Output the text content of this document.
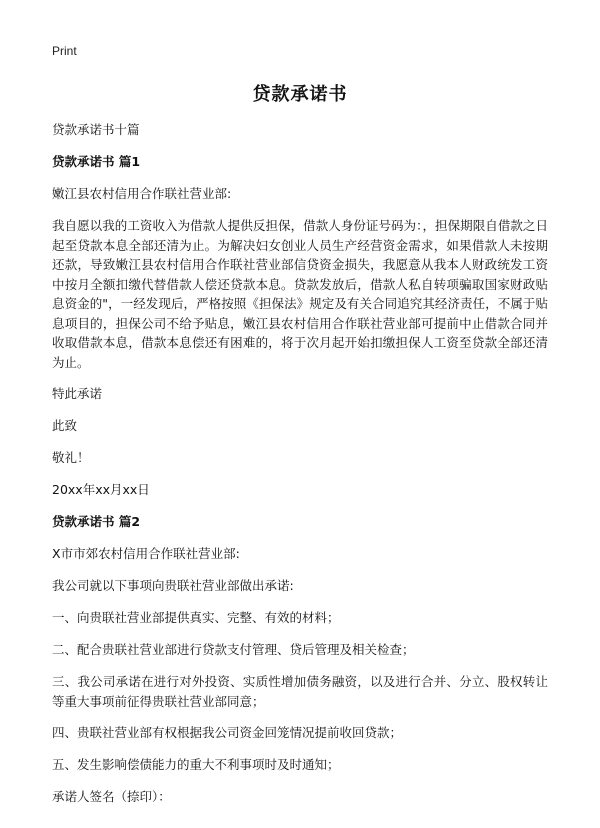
Print
贷款承诺书

贷款承诺书十篇

贷款承诺书 篇1

嫩江县农村信用合作联社营业部:

我自愿以我的工资收入为借款人提供反担保，借款人身份证号码为：，担保期限自借款之日起至贷款本息全部还清为止。为解决妇女创业人员生产经营资金需求，如果借款人未按期还款，导致嫩江县农村信用合作联社营业部信贷资金损失，我愿意从我本人财政统发工资中按月全额扣缴代替借款人偿还贷款本息。贷款发放后，借款人私自转项骗取国家财政贴息资金的"，一经发现后，严格按照《担保法》规定及有关合同追究其经济责任，不属于贴息项目的，担保公司不给予贴息，嫩江县农村信用合作联社营业部可提前中止借款合同并收取借款本息，借款本息偿还有困难的，将于次月起开始扣缴担保人工资至贷款全部还清为止。

特此承诺

此致

敬礼！

20xx年xx月xx日

贷款承诺书 篇2

X市市郊农村信用合作联社营业部:

我公司就以下事项向贵联社营业部做出承诺:

一、向贵联社营业部提供真实、完整、有效的材料；

二、配合贵联社营业部进行贷款支付管理、贷后管理及相关检查；

三、我公司承诺在进行对外投资、实质性增加债务融资，以及进行合并、分立、股权转让等重大事项前征得贵联社营业部同意；

四、贵联社营业部有权根据我公司资金回笼情况提前收回贷款；

五、发生影响偿债能力的重大不利事项时及时通知；

承诺人签名（捺印）：
